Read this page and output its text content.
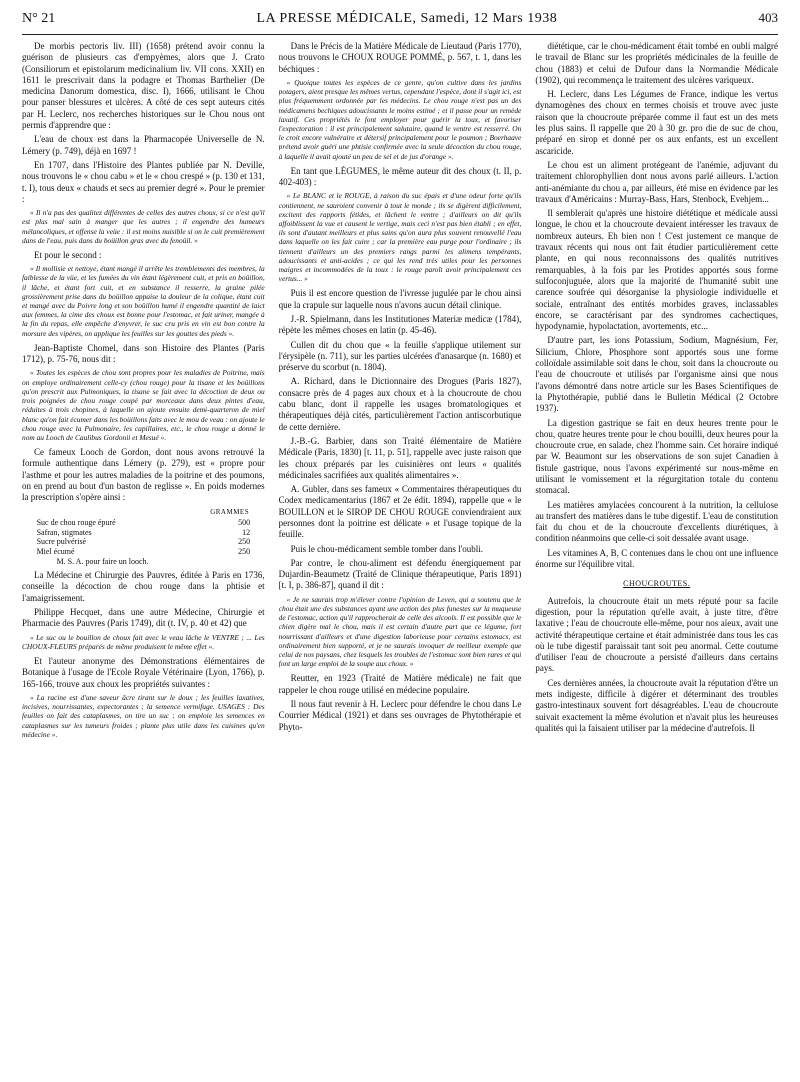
N° 21	LA PRESSE MÉDICALE, Samedi, 12 Mars 1938	403

De morbis pectoris liv. III) (1658) prétend avoir connu la guérison de plusieurs cas d'empyèmes, alors que J. Crato (Consiliorum et epistolarum medicinalium liv. VII cons. XXII) en 1611 le prescrivait dans la podagre et Thomas Barthelier (De medicina Danorum domestica, disc. I), 1666, utilisant le Chou pour panser blessures et ulcères. A côté de ces sept auteurs cités par H. Leclerc, nos recherches historiques sur le Chou nous ont permis d'apprendre que :

L'eau de choux est dans la Pharmacopée Universelle de N. Lémery (p. 749), déjà en 1697 !

En 1707, dans l'Histoire des Plantes publiée par N. Deville, nous trouvons le « chou cabu » et le « chou crespé » (p. 130 et 131, t. I), tous deux « chauds et secs au premier degré ». Pour le premier :

« Il n'a pas des qualitez différentes de celles des autres choux, si ce n'est qu'il est plus mal sain à manger que les autres ; il engendre des humeurs mélancoliques, et offense la veüe : il est moins nuisible si on le cuit premièrement dans de l'eau, puis dans du boüillon gras avec du fenoüil. »

Et pour le second :

« Il mollisie et nettoye, étant mangé il arrête les tremblements des membres, la faiblesse de la vüe, et les fumées du vin étant légèrement cuit, et pris en boüillon, il lâche, et étant fort cuit, et en substance il resserre, la graine pilée grossièrement prise dans du boüillon appaise la douleur de la colique, étant cuit et mangé avec du Poivre long et son boüillon humé il engendre quantité de laict aux femmes, la cime des choux est bonne pour l'estomac, et fait uriner, mangée à la fin du repas, elle empêche d'enyvrer, le suc cru pris en vin est bon contre la morsure des vipères, on applique les feuilles sur les gouttes des pieds ».

Jean-Baptiste Chomel, dans son Histoire des Plantes (Paris 1712), p. 75-76, nous dit :

« Toutes les espèces de chou sont propres pour les maladies de Poitrine, mais on employe ordinairement celle-cy (chou rouge) pour la tisane et les boüillons qu'on prescrit aux Pulmoniques, la tisane se fait avec la décoction de deux ou trois poignées de chou rouge coupé par morceaux dans deux pintes d'eau, réduites à trois chopines, à laquelle on ajoute ensuite demi-quarteron de miel blanc qu'on fait écumer dans les boüillons faits avec le mou de veau : on ajoute le chou rouge avec la Pulmonaire, les capillaires, etc., le chou rouge a donné le nom au Looch de Caulibus Gordonii et Mesué ».

Ce fameux Looch de Gordon, dont nous avons retrouvé la formule authentique dans Lémery (p. 279), est « propre pour l'asthme et pour les autres maladies de la poitrine et des poumons, on en prend au bout d'un baston de reglisse ». En poids modernes la prescription s'opère ainsi :

	GRAMMES
Suc de chou rouge épuré	500
Safran, stigmates	12
Sucre pulvérisé	250
Miel écumé	250
M. S. A. pour faire un looch.	

La Médecine et Chirurgie des Pauvres, éditée à Paris en 1736, conseille la décoction de chou rouge dans la phtisie et l'amaigrissement.

Philippe Hecquet, dans une autre Médecine, Chirurgie et Pharmacie des Pauvres (Paris 1749), dit (t. IV, p. 40 et 42) que

« Le suc ou le bouillon de choux fait avec le veau lâche le VENTRE ; ... Les CHOUX-FLEURS préparés de même produisent le même effet ».

Et l'auteur anonyme des Démonstrations élémentaires de Botanique à l'usage de l'Ecole Royale Vétérinaire (Lyon, 1766), p. 165-166, trouve aux choux les propriétés suivantes :

« La racine est d'une saveur âcre tirant sur le doux ; les feuilles laxatives, incisives, nourrissantes, expectorantes ; la semence vermifuge. USAGES : Des feuilles on fait des cataplasmes, on tire un suc ; on emploie les semences en cataplasmes sur les tumeurs froides ; plante plus utile dans les cuisines qu'en médecine ».

Dans le Précis de la Matière Médicale de Lieutaud (Paris 1770), nous trouvons le CHOUX ROUGE POMMÉ, p. 567, t. 1, dans les béchiques :

« Quoique toutes les espèces de ce genre, qu'on cultive dans les jardins potagers, aient presque les mêmes vertus, cependant l'espèce, dont il s'agit ici, est plus fréquemment ordonnée par les médecins. Le chou rouge n'est pas un des médicamens bechiques adoucissants le moins estimé ; et il passe pour un remède laxatif. Ces propriétés le font employer pour guérir la toux, et favoriser l'expectoration : il est principalement salutaire, quand le ventre est resserré. On le croit encore vulnéraire et détersif principalement pour le poumon ; Boerhaave prétend avoir guéri une phtisie confirmée avec la seule décoction du chou rouge, à laquelle il avait ajouté un peu de sel et de jus d'orange ».

En tant que LÉGUMES, le même auteur dit des choux (t. II, p. 402-403) :

« Le BLANC et le ROUGE, à raison du suc épais et d'une odeur forte qu'ils contiennent, ne sauroient convenir à tout le monde ; ils se digèrent difficilement, excitent des rapports fétides, et lâchent le ventre ; d'ailleurs on dit qu'ils affoiblissent la vue et causent le vertige, mais ceci n'est pas bien établi ; en effet, ils sont d'autant meilleurs et plus sains qu'on aura plus souvent renouvellé l'eau dans laquelle on les fait cuire ; car la première eau purge pour l'ordinaire ; ils tiennent d'ailleurs un des premiers rangs parmi les alimens tempérants, adoucissants et anti-acides ; ce qui les rend très utiles pour les personnes maigres et incommodées de la toux : le rouge paroît avoir principalement ces vertus... »

Puis il est encore question de l'ivresse jugulée par le chou ainsi que la crapule sur laquelle nous n'avons aucun détail clinique.

J.-R. Spielmann, dans les Institutiones Materiæ medicæ (1784), répète les mêmes choses en latin (p. 45-46).

Cullen dit du chou que « la feuille s'applique utilement sur l'érysipèle (n. 711), sur les parties ulcérées d'anasarque (n. 1680) et préserve du scorbut (n. 1804).

A. Richard, dans le Dictionnaire des Drogues (Paris 1827), consacre près de 4 pages aux choux et à la choucroute de chou cabu blanc, dont il rappelle les usages bromatologiques et thérapeutiques déjà cités, particulièrement l'action antiscorbutique de cette dernière.

J.-B.-G. Barbier, dans son Traité élémentaire de Matière Médicale (Paris, 1830) [t. 11, p. 51], rappelle avec juste raison que les choux préparés par les cuisinières ont leurs « qualités médicinales sacrifiées aux qualités alimentaires ».

A. Gubler, dans ses fameux « Commentaires thérapeutiques du Codex medicamentarius (1867 et 2e édit. 1894), rappelle que « le BOUILLON et le SIROP DE CHOU ROUGE conviendraient aux personnes dont la poitrine est délicate » et l'usage topique de la feuille.

Puis le chou-médicament semble tomber dans l'oubli.

Par contre, le chou-aliment est défendu énergiquement par Dujardin-Beaumetz (Traité de Clinique thérapeutique, Paris 1891) [t. I, p. 386-87], quand il dit :

« Je ne saurais trop m'élever contre l'opinion de Leven, qui a soutenu que le chou était une des substances ayant une action des plus funestes sur la muqueuse de l'estomac, action qu'il rapprocherait de celle des alcools. Il est possible que le chien digère mal le chou, mais il est certain d'autre part que ce légume, fort nourrissant d'ailleurs et d'une digestion laborieuse pour certains estomacs, est ordinairement bien supporté, et je ne saurais invoquer de meilleur exemple que celui de nos paysans, chez lesquels les troubles de l'estomac sont bien rares et qui font un large emploi de la soupe aux choux. »

Reutter, en 1923 (Traité de Matière médicale) ne fait que rappeler le chou rouge utilisé en médecine populaire.

Il nous faut revenir à H. Leclerc pour défendre le chou dans Le Courrier Médical (1921) et dans ses ouvrages de Phytothérapie et Phyto-

diététique, car le chou-médicament était tombé en oubli malgré le travail de Blanc sur les propriétés médicinales de la feuille de chou (1883) et celui de Dufour dans la Normandie Médicale (1902), qui recommença le traitement des ulcères variqueux.

H. Leclerc, dans Les Légumes de France, indique les vertus dynamogènes des choux en termes choisis et trouve avec juste raison que la choucroute préparée comme il faut est un des mets les plus sains. Il rappelle que 20 à 30 gr. pro die de suc de chou, préparé en sirop et donné per os aux enfants, est un excellent ascaricide.

Le chou est un aliment protégeant de l'anémie, adjuvant du traitement chlorophyllien dont nous avons parlé ailleurs. L'action anti-anémiante du chou a, par ailleurs, été mise en évidence par les travaux d'Américains : Murray-Bass, Hars, Stenbock, Evehjem...

Il semblerait qu'après une histoire diététique et médicale aussi longue, le chou et la choucroute devaient intéresser les travaux de nombreux auteurs. Eh bien non ! C'est justement ce manque de travaux récents qui nous ont fait étudier particulièrement cette plante, en qui nous reconnaissons des qualités nutritives remarquables, à la fois par les Protides apportés sous forme sulfoconjuguée, alors que la majorité de l'humanité subit une carence soufrée qui désorganise la physiologie individuelle et sociale, entraînant des entités morbides graves, inclassables encore, se caractérisant par des syndromes cachectiques, hypodynamie, hypolactation, avortements, etc...

D'autre part, les ions Potassium, Sodium, Magnésium, Fer, Silicium, Chlore, Phosphore sont apportés sous une forme colloïdale assimilable soit dans le chou, soit dans la choucroute ou l'eau de choucroute et utilisés par l'organisme ainsi que nous l'avons démontré dans notre article sur les Bases Scientifiques de la Phytothérapie, publié dans le Bulletin Médical (2 Octobre 1937).

La digestion gastrique se fait en deux heures trente pour le chou, quatre heures trente pour le chou bouilli, deux heures pour la choucroute crue, en salade, chez l'homme sain. Cet horaire indiqué par W. Beaumont sur les observations de son sujet Canadien à fistule gastrique, nous l'avons expérimenté sur nous-même en utilisant le vomissement et la régurgitation totale du contenu stomacal.

Les matières amylacées concourent à la nutrition, la cellulose au transfert des matières dans le tube digestif. L'eau de constitution fait du chou et de la choucroute d'excellents diurétiques, à condition néanmoins que celle-ci soit dessalée avant usage.

Les vitamines A, B, C contenues dans le chou ont une influence énorme sur l'équilibre vital.

CHOUCROUTES.

Autrefois, la choucroute était un mets réputé pour sa facile digestion, pour la réputation qu'elle avait, à juste titre, d'être laxative ; l'eau de choucroute elle-même, pour nos aïeux, avait une activité thérapeutique certaine et était administrée dans tous les cas où le tube digestif paraissait tant soit peu anormal. Cette coutume d'utiliser l'eau de choucroute a persisté d'ailleurs dans certains pays.

Ces dernières années, la choucroute avait la réputation d'être un mets indigeste, difficile à digérer et déterminant des troubles gastro-intestinaux souvent fort désagréables. L'eau de choucroute suivait exactement la même évolution et n'avait plus les heureuses qualités qui la faisaient utiliser par la médecine d'autrefois. Il
